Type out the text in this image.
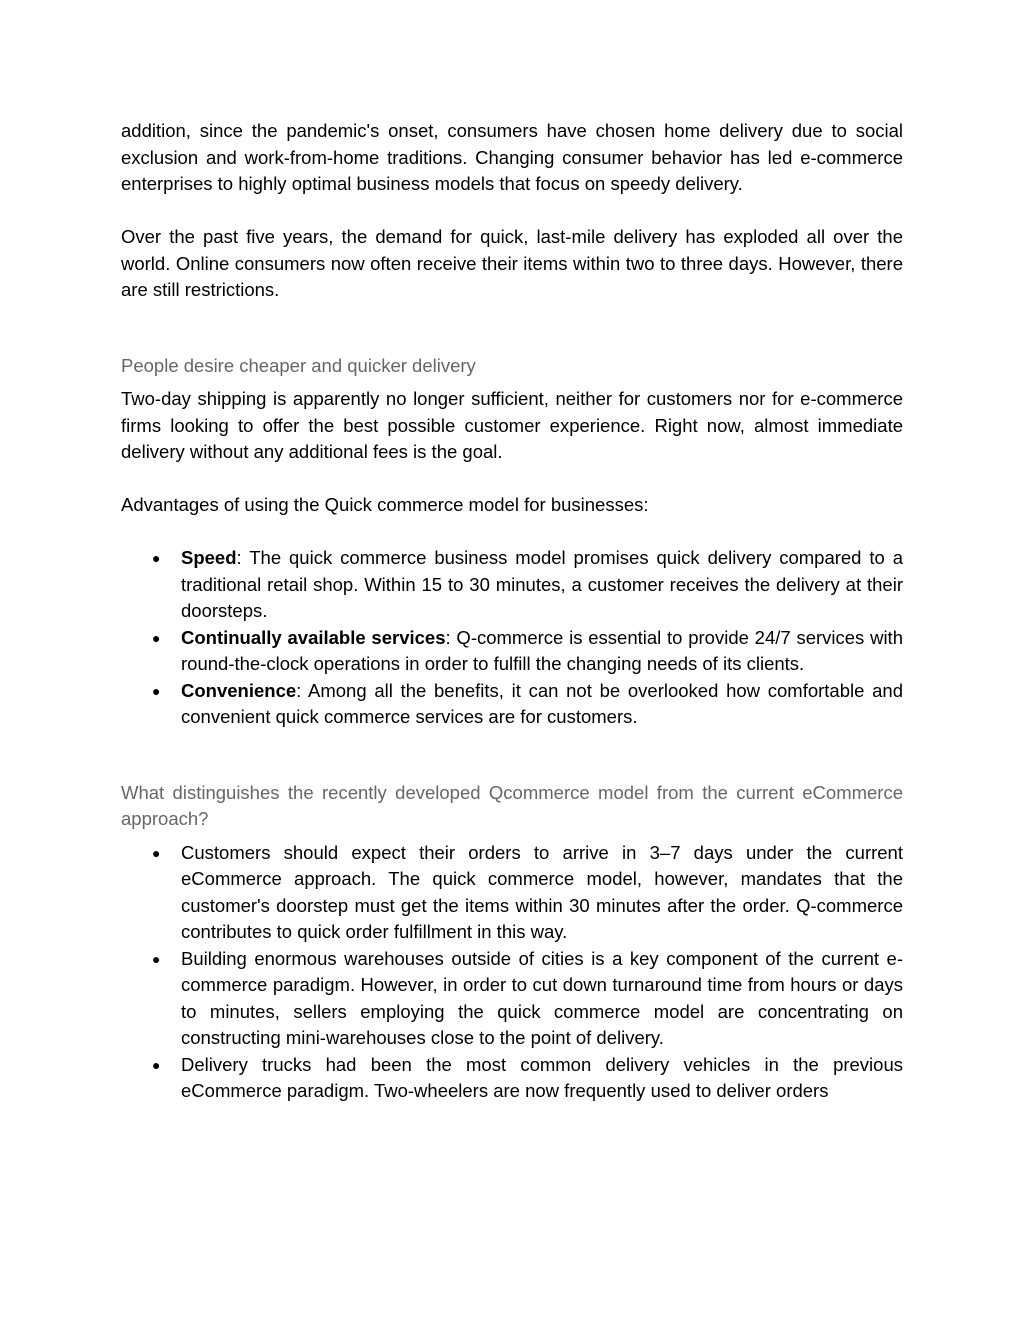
addition, since the pandemic's onset, consumers have chosen home delivery due to social exclusion and work-from-home traditions. Changing consumer behavior has led e-commerce enterprises to highly optimal business models that focus on speedy delivery.

Over the past five years, the demand for quick, last-mile delivery has exploded all over the world. Online consumers now often receive their items within two to three days. However, there are still restrictions.

People desire cheaper and quicker delivery

Two-day shipping is apparently no longer sufficient, neither for customers nor for e-commerce firms looking to offer the best possible customer experience. Right now, almost immediate delivery without any additional fees is the goal.

Advantages of using the Quick commerce model for businesses:

● Speed: The quick commerce business model promises quick delivery compared to a traditional retail shop. Within 15 to 30 minutes, a customer receives the delivery at their doorsteps.
● Continually available services: Q-commerce is essential to provide 24/7 services with round-the-clock operations in order to fulfill the changing needs of its clients.
● Convenience: Among all the benefits, it can not be overlooked how comfortable and convenient quick commerce services are for customers.

What distinguishes the recently developed Qcommerce model from the current eCommerce approach?

● Customers should expect their orders to arrive in 3–7 days under the current eCommerce approach. The quick commerce model, however, mandates that the customer's doorstep must get the items within 30 minutes after the order. Q-commerce contributes to quick order fulfillment in this way.
● Building enormous warehouses outside of cities is a key component of the current e-commerce paradigm. However, in order to cut down turnaround time from hours or days to minutes, sellers employing the quick commerce model are concentrating on constructing mini-warehouses close to the point of delivery.
● Delivery trucks had been the most common delivery vehicles in the previous eCommerce paradigm. Two-wheelers are now frequently used to deliver orders
